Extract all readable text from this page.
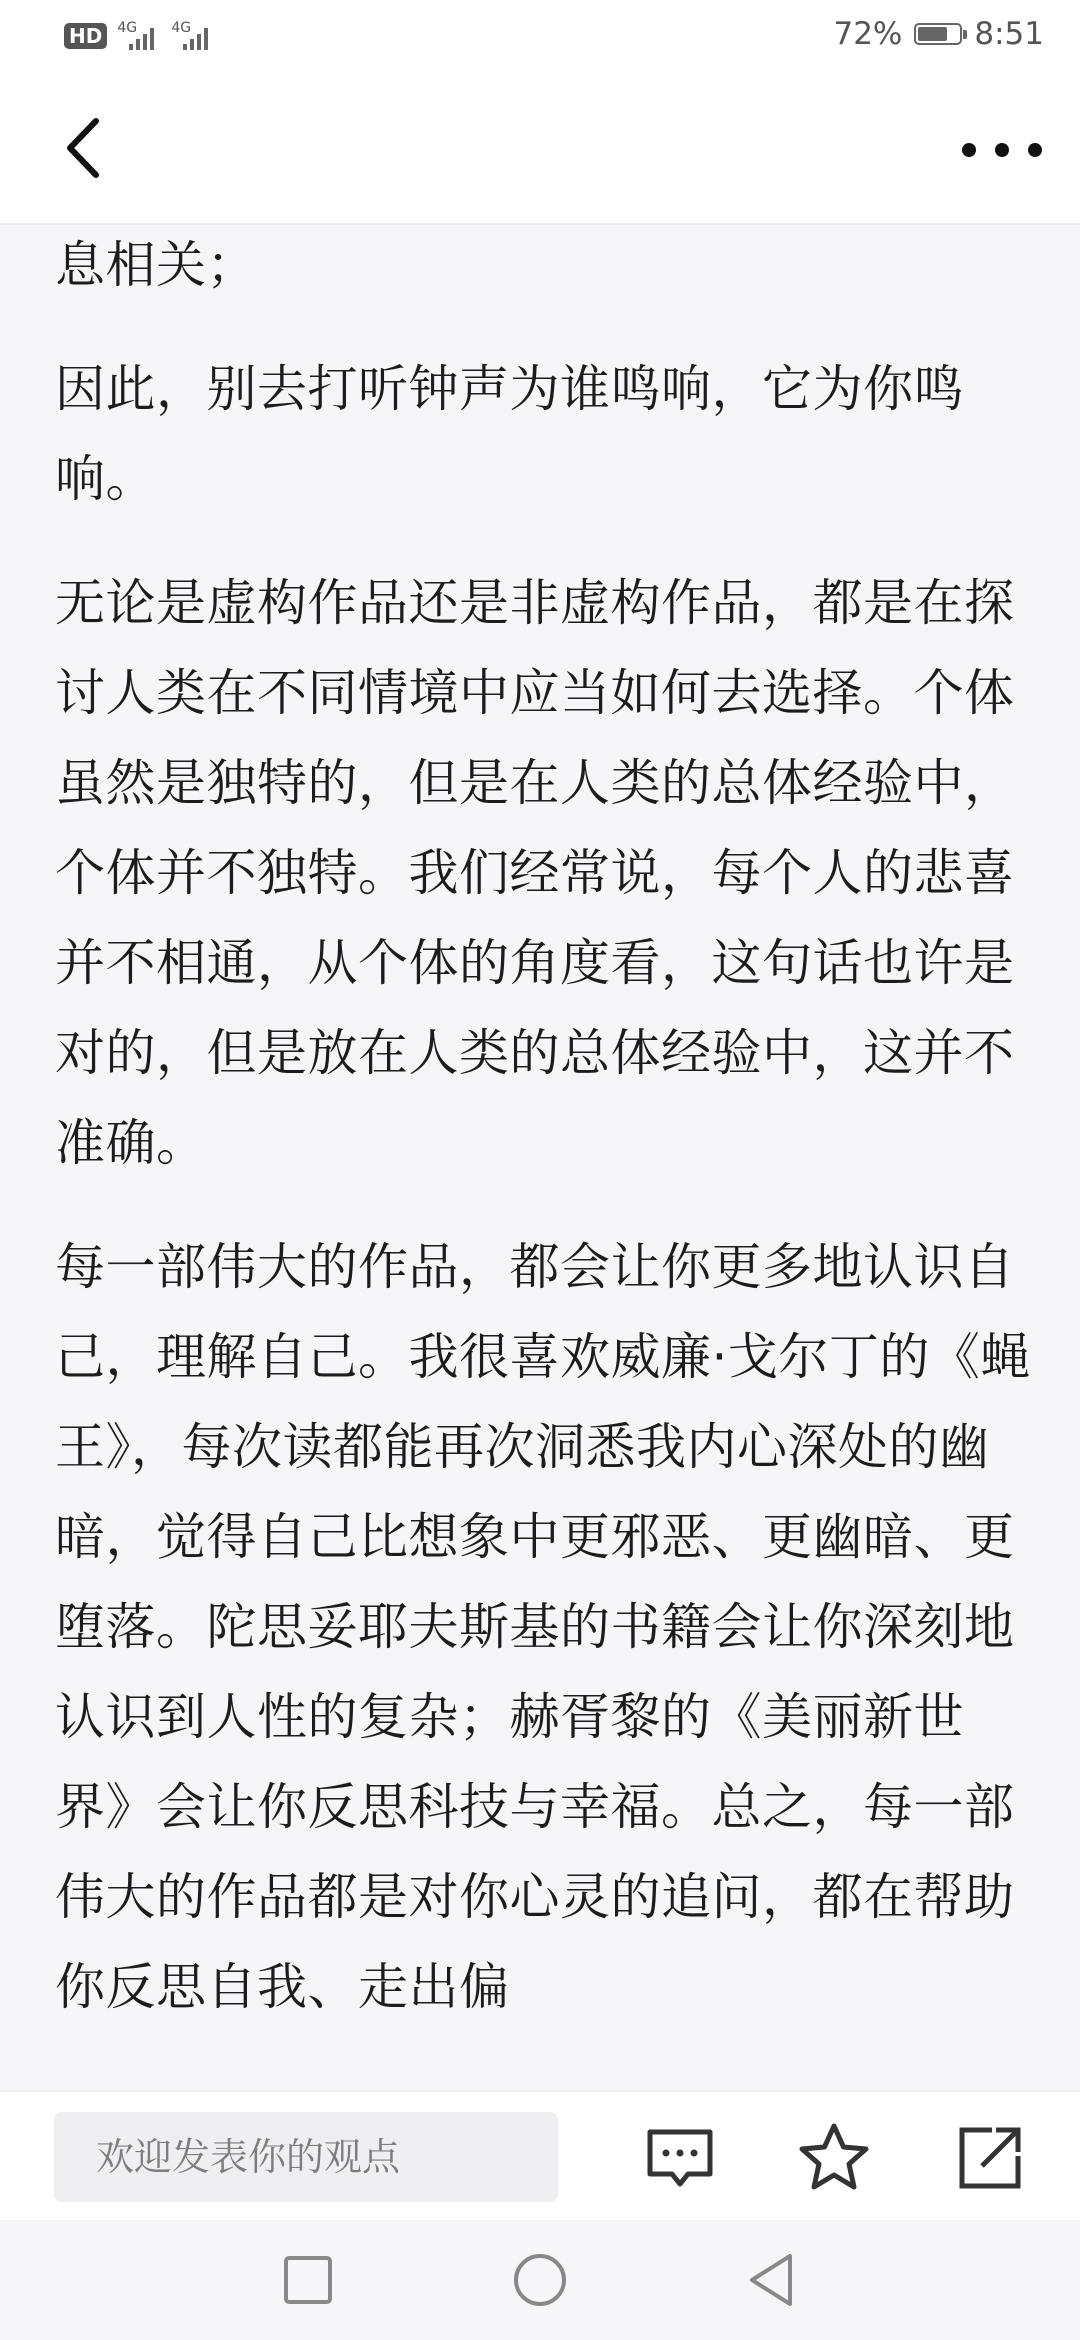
HD	4G 4G	72% 8:51

息相关；

因此，别去打听钟声为谁鸣响，它为你鸣响。

无论是虚构作品还是非虚构作品，都是在探讨人类在不同情境中应当如何去选择。个体虽然是独特的，但是在人类的总体经验中，个体并不独特。我们经常说，每个人的悲喜并不相通，从个体的角度看，这句话也许是对的，但是放在人类的总体经验中，这并不准确。

每一部伟大的作品，都会让你更多地认识自己，理解自己。我很喜欢威廉·戈尔丁的《蝇王》，每次读都能再次洞悉我内心深处的幽暗，觉得自己比想象中更邪恶、更幽暗、更堕落。陀思妥耶夫斯基的书籍会让你深刻地认识到人性的复杂；赫胥黎的《美丽新世界》会让你反思科技与幸福。总之，每一部伟大的作品都是对你心灵的追问，都在帮助你反思自我、走出偏

欢迎发表你的观点
